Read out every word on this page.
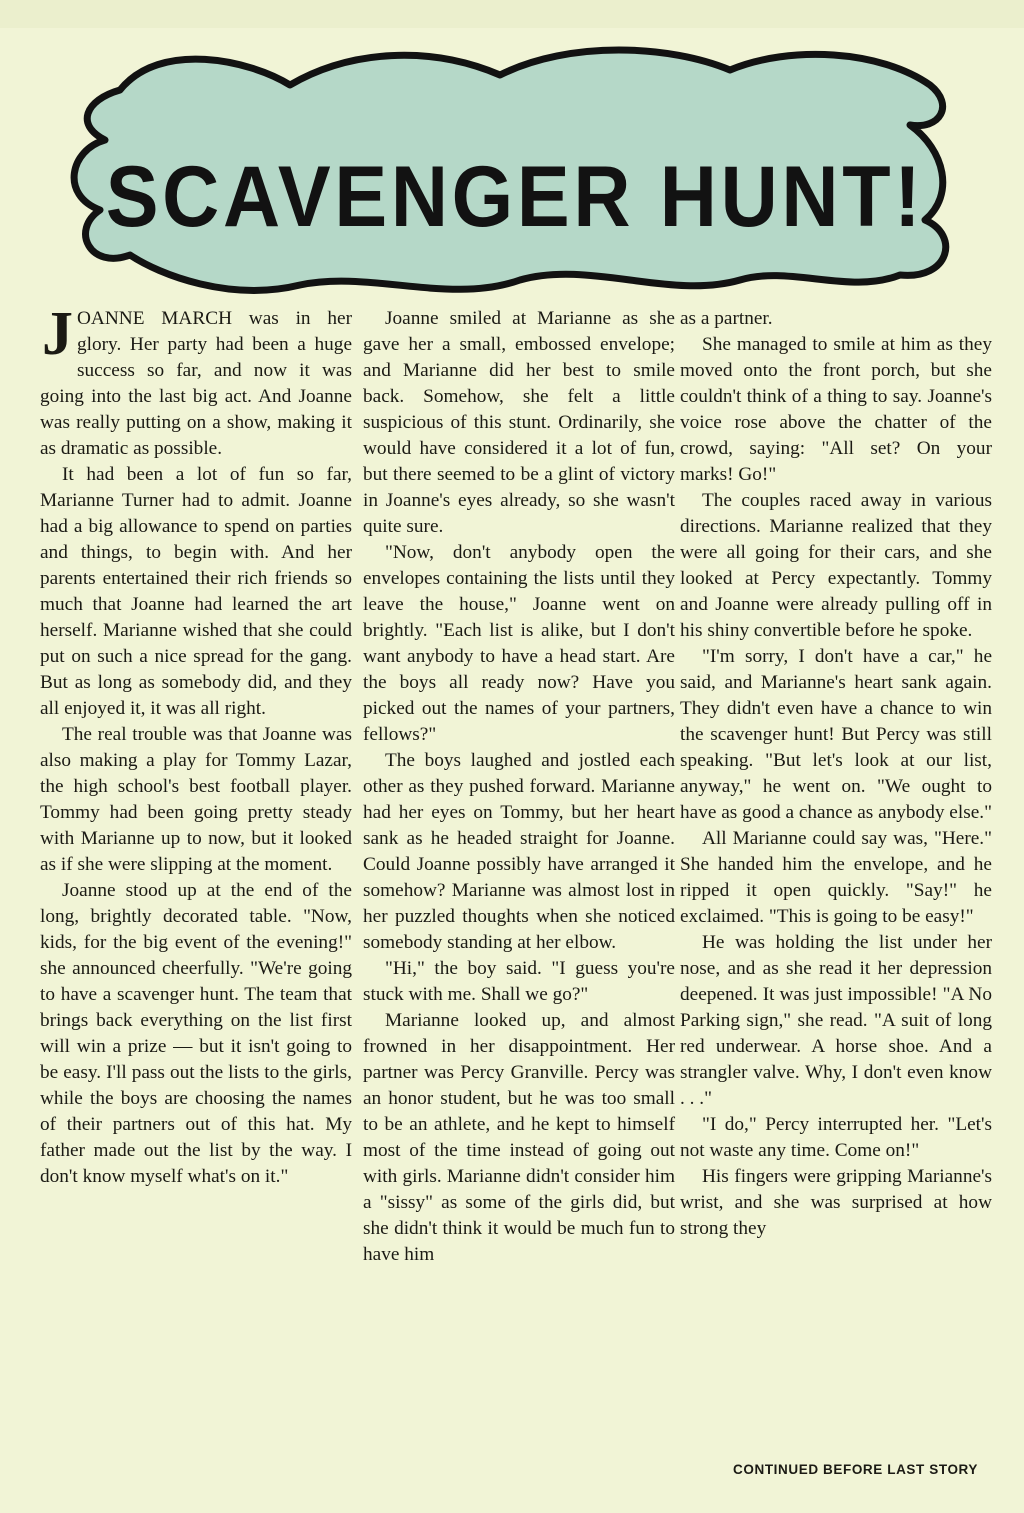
SCAVENGER HUNT!

JOANNE MARCH was in her glory. Her party had been a huge success so far, and now it was going into the last big act. And Joanne was really putting on a show, making it as dramatic as possible.

It had been a lot of fun so far, Marianne Turner had to admit. Joanne had a big allowance to spend on parties and things, to begin with. And her parents entertained their rich friends so much that Joanne had learned the art herself. Marianne wished that she could put on such a nice spread for the gang. But as long as somebody did, and they all enjoyed it, it was all right.

The real trouble was that Joanne was also making a play for Tommy Lazar, the high school's best football player. Tommy had been going pretty steady with Marianne up to now, but it looked as if she were slipping at the moment.

Joanne stood up at the end of the long, brightly decorated table. "Now, kids, for the big event of the evening!" she announced cheerfully. "We're going to have a scavenger hunt. The team that brings back everything on the list first will win a prize — but it isn't going to be easy. I'll pass out the lists to the girls, while the boys are choosing the names of their partners out of this hat. My father made out the list by the way. I don't know myself what's on it."

Joanne smiled at Marianne as she gave her a small, embossed envelope; and Marianne did her best to smile back. Somehow, she felt a little suspicious of this stunt. Ordinarily, she would have considered it a lot of fun, but there seemed to be a glint of victory in Joanne's eyes already, so she wasn't quite sure.

"Now, don't anybody open the envelopes containing the lists until they leave the house," Joanne went on brightly. "Each list is alike, but I don't want anybody to have a head start. Are the boys all ready now? Have you picked out the names of your partners, fellows?"

The boys laughed and jostled each other as they pushed forward. Marianne had her eyes on Tommy, but her heart sank as he headed straight for Joanne. Could Joanne possibly have arranged it somehow? Marianne was almost lost in her puzzled thoughts when she noticed somebody standing at her elbow.

"Hi," the boy said. "I guess you're stuck with me. Shall we go?"

Marianne looked up, and almost frowned in her disappointment. Her partner was Percy Granville. Percy was an honor student, but he was too small to be an athlete, and he kept to himself most of the time instead of going out with girls. Marianne didn't consider him a "sissy" as some of the girls did, but she didn't think it would be much fun to have him

as a partner.

She managed to smile at him as they moved onto the front porch, but she couldn't think of a thing to say. Joanne's voice rose above the chatter of the crowd, saying: "All set? On your marks! Go!"

The couples raced away in various directions. Marianne realized that they were all going for their cars, and she looked at Percy expectantly. Tommy and Joanne were already pulling off in his shiny convertible before he spoke.

"I'm sorry, I don't have a car," he said, and Marianne's heart sank again. They didn't even have a chance to win the scavenger hunt! But Percy was still speaking. "But let's look at our list, anyway," he went on. "We ought to have as good a chance as anybody else."

All Marianne could say was, "Here." She handed him the envelope, and he ripped it open quickly. "Say!" he exclaimed. "This is going to be easy!"

He was holding the list under her nose, and as she read it her depression deepened. It was just impossible! "A No Parking sign," she read. "A suit of long red underwear. A horse shoe. And a strangler valve. Why, I don't even know . . ."

"I do," Percy interrupted her. "Let's not waste any time. Come on!"

His fingers were gripping Marianne's wrist, and she was surprised at how strong they

CONTINUED BEFORE LAST STORY
